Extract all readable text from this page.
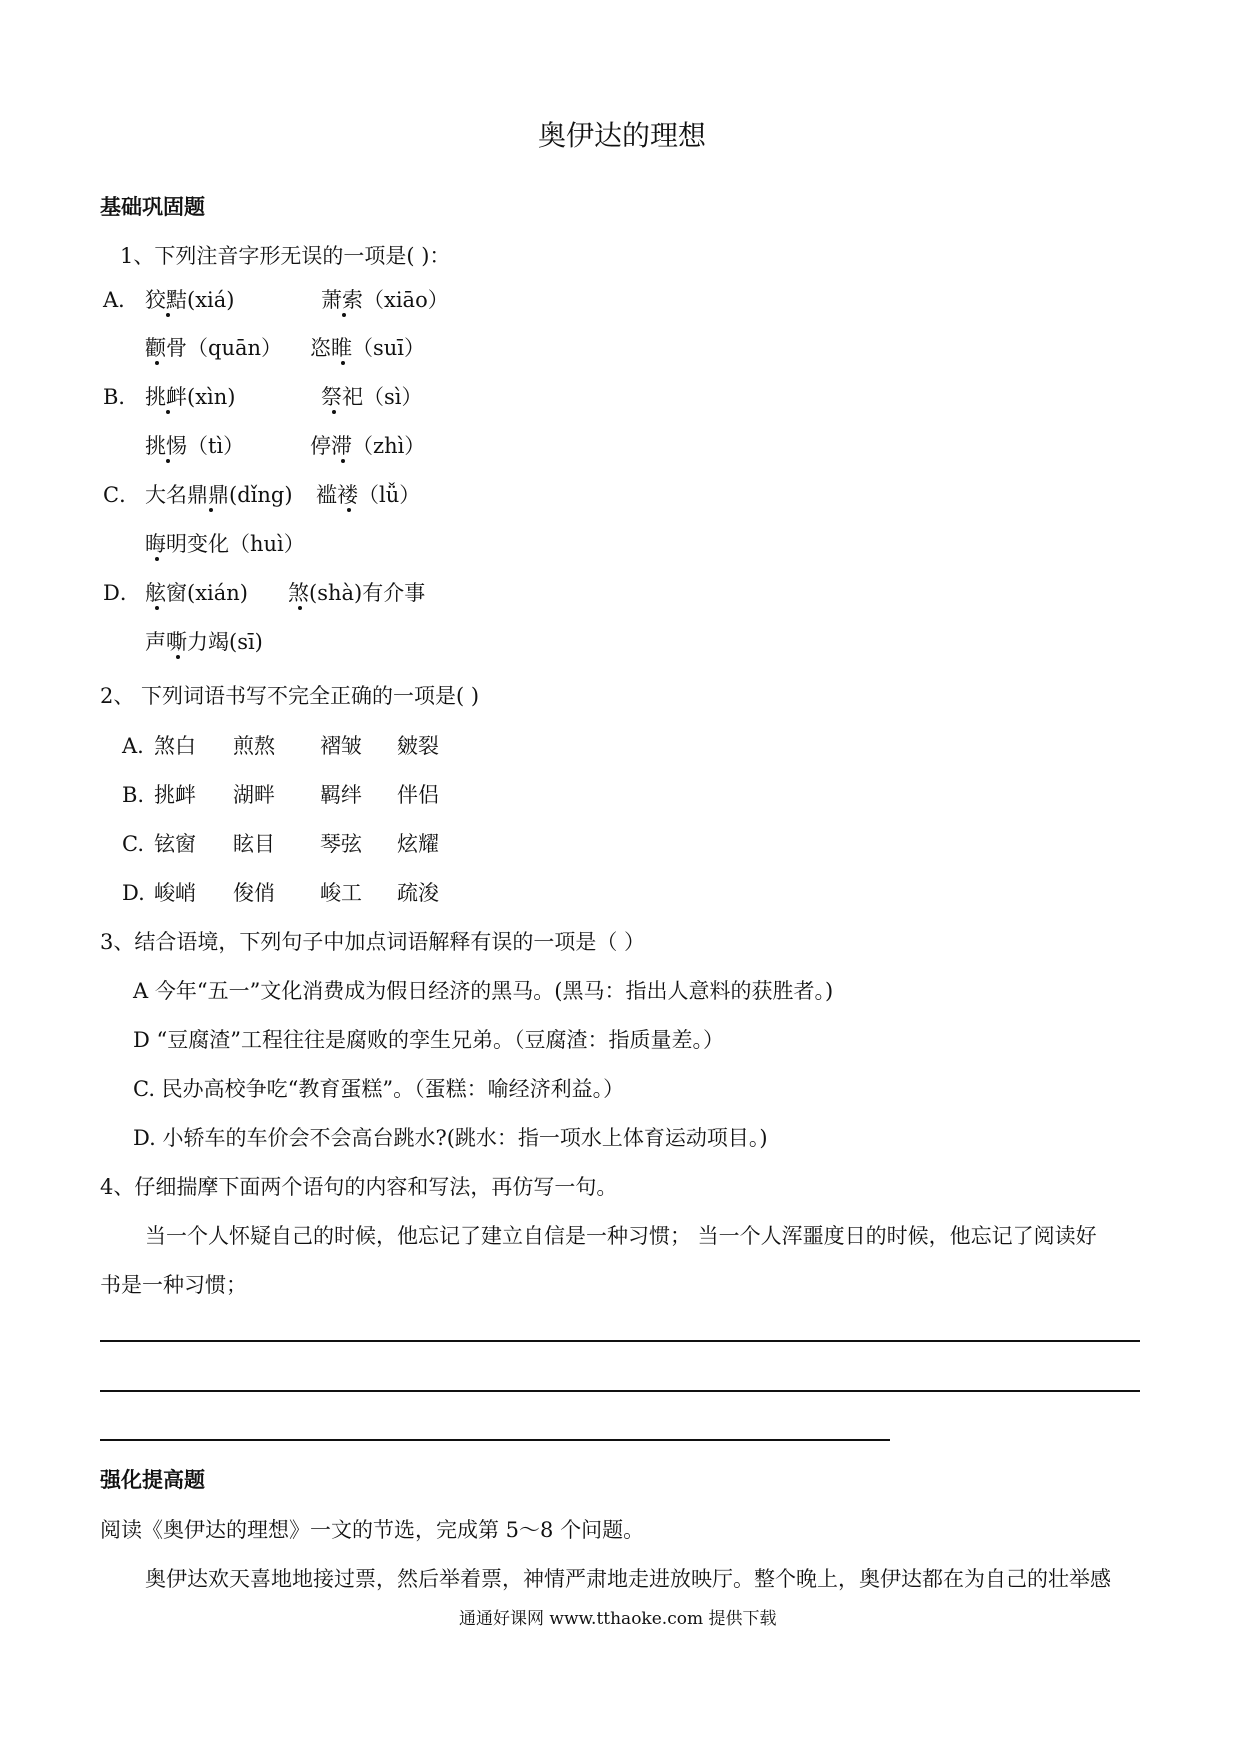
奥伊达的理想
基础巩固题
1、下列注音字形无误的一项是( )：
A． 狡黠(xiá)	萧索（xiāo）
颧骨（quān） 恣睢（suī）
B． 挑衅(xìn)	祭祀（sì）
挑惕（tì）	停滞（zhì）
C． 大名鼎鼎(dǐng) 褴褛（lǚ）
晦明变化（huì）
D． 舷窗(xián) 煞(shà)有介事
声嘶力竭(sī)
2、 下列词语书写不完全正确的一项是( )
A. 煞白 煎熬 褶皱 皴裂
B. 挑衅 湖畔 羁绊 伴侣
C. 铉窗 眩目 琴弦 炫耀
D. 峻峭 俊俏 峻工 疏浚
3、结合语境，下列句子中加点词语解释有误的一项是（ ）
A 今年“五一”文化消费成为假日经济的黑马。(黑马：指出人意料的获胜者。)
D “豆腐渣”工程往往是腐败的孪生兄弟。（豆腐渣：指质量差。）
C. 民办高校争吃“教育蛋糕”。（蛋糕：喻经济利益。）
D. 小轿车的车价会不会高台跳水?(跳水：指一项水上体育运动项目。)
4、仔细揣摩下面两个语句的内容和写法，再仿写一句。
当一个人怀疑自己的时候，他忘记了建立自信是一种习惯； 当一个人浑噩度日的时候，他忘记了阅读好
书是一种习惯；
强化提高题
阅读《奥伊达的理想》一文的节选，完成第 5～8 个问题。
奥伊达欢天喜地地接过票，然后举着票，神情严肃地走进放映厅。整个晚上，奥伊达都在为自己的壮举感
通通好课网 www.tthaoke.com 提供下载
